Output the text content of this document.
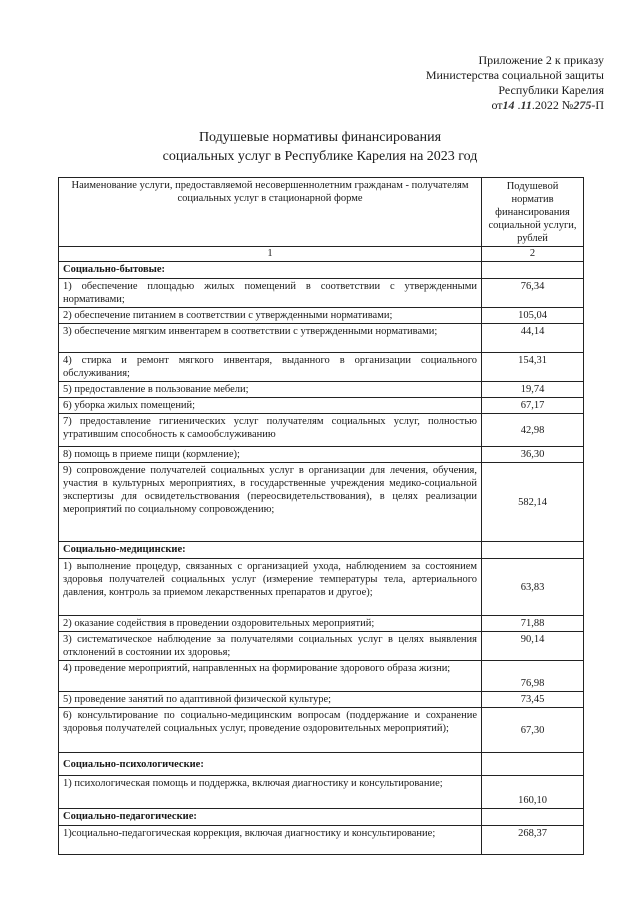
Приложение 2 к приказу
Министерства социальной защиты
Республики Карелия
от14 .11.2022 №275-П
Подушевые нормативы финансирования
социальных услуг в Республике Карелия на 2023 год
Наименование услуги, предоставляемой несовершеннолетним гражданам - получателям социальных услуг в стационарной форме	Подушевой норматив финансирования социальной услуги, рублей
1	2
Социально-бытовые:	
1) обеспечение площадью жилых помещений в соответствии с утвержденными нормативами;	76,34
2) обеспечение питанием в соответствии с утвержденными нормативами;	105,04
3) обеспечение мягким инвентарем в соответствии с утвержденными нормативами;	44,14
4) стирка и ремонт мягкого инвентаря, выданного в организации социального обслуживания;	154,31
5) предоставление в пользование мебели;	19,74
6) уборка жилых помещений;	67,17
7) предоставление гигиенических услуг получателям социальных услуг, полностью утратившим способность к самообслуживанию	42,98
8) помощь в приеме пищи (кормление);	36,30
9) сопровождение получателей социальных услуг в организации для лечения, обучения, участия в культурных мероприятиях, в государственные учреждения медико-социальной экспертизы для освидетельствования (переосвидетельствования), в целях реализации мероприятий по социальному сопровождению;	582,14
Социально-медицинские:	
1) выполнение процедур, связанных с организацией ухода, наблюдением за состоянием здоровья получателей социальных услуг (измерение температуры тела, артериального давления, контроль за приемом лекарственных препаратов и другое);	63,83
2) оказание содействия в проведении оздоровительных мероприятий;	71,88
3) систематическое наблюдение за получателями социальных услуг в целях выявления отклонений в состоянии их здоровья;	90,14
4) проведение мероприятий, направленных на формирование здорового образа жизни;	76,98
5) проведение занятий по адаптивной физической культуре;	73,45
6) консультирование по социально-медицинским вопросам (поддержание и сохранение здоровья получателей социальных услуг, проведение оздоровительных мероприятий);	67,30
Социально-психологические:	
1) психологическая помощь и поддержка, включая диагностику и консультирование;	160,10
Социально-педагогические:	
1)социально-педагогическая коррекция, включая диагностику и консультирование;	268,37
